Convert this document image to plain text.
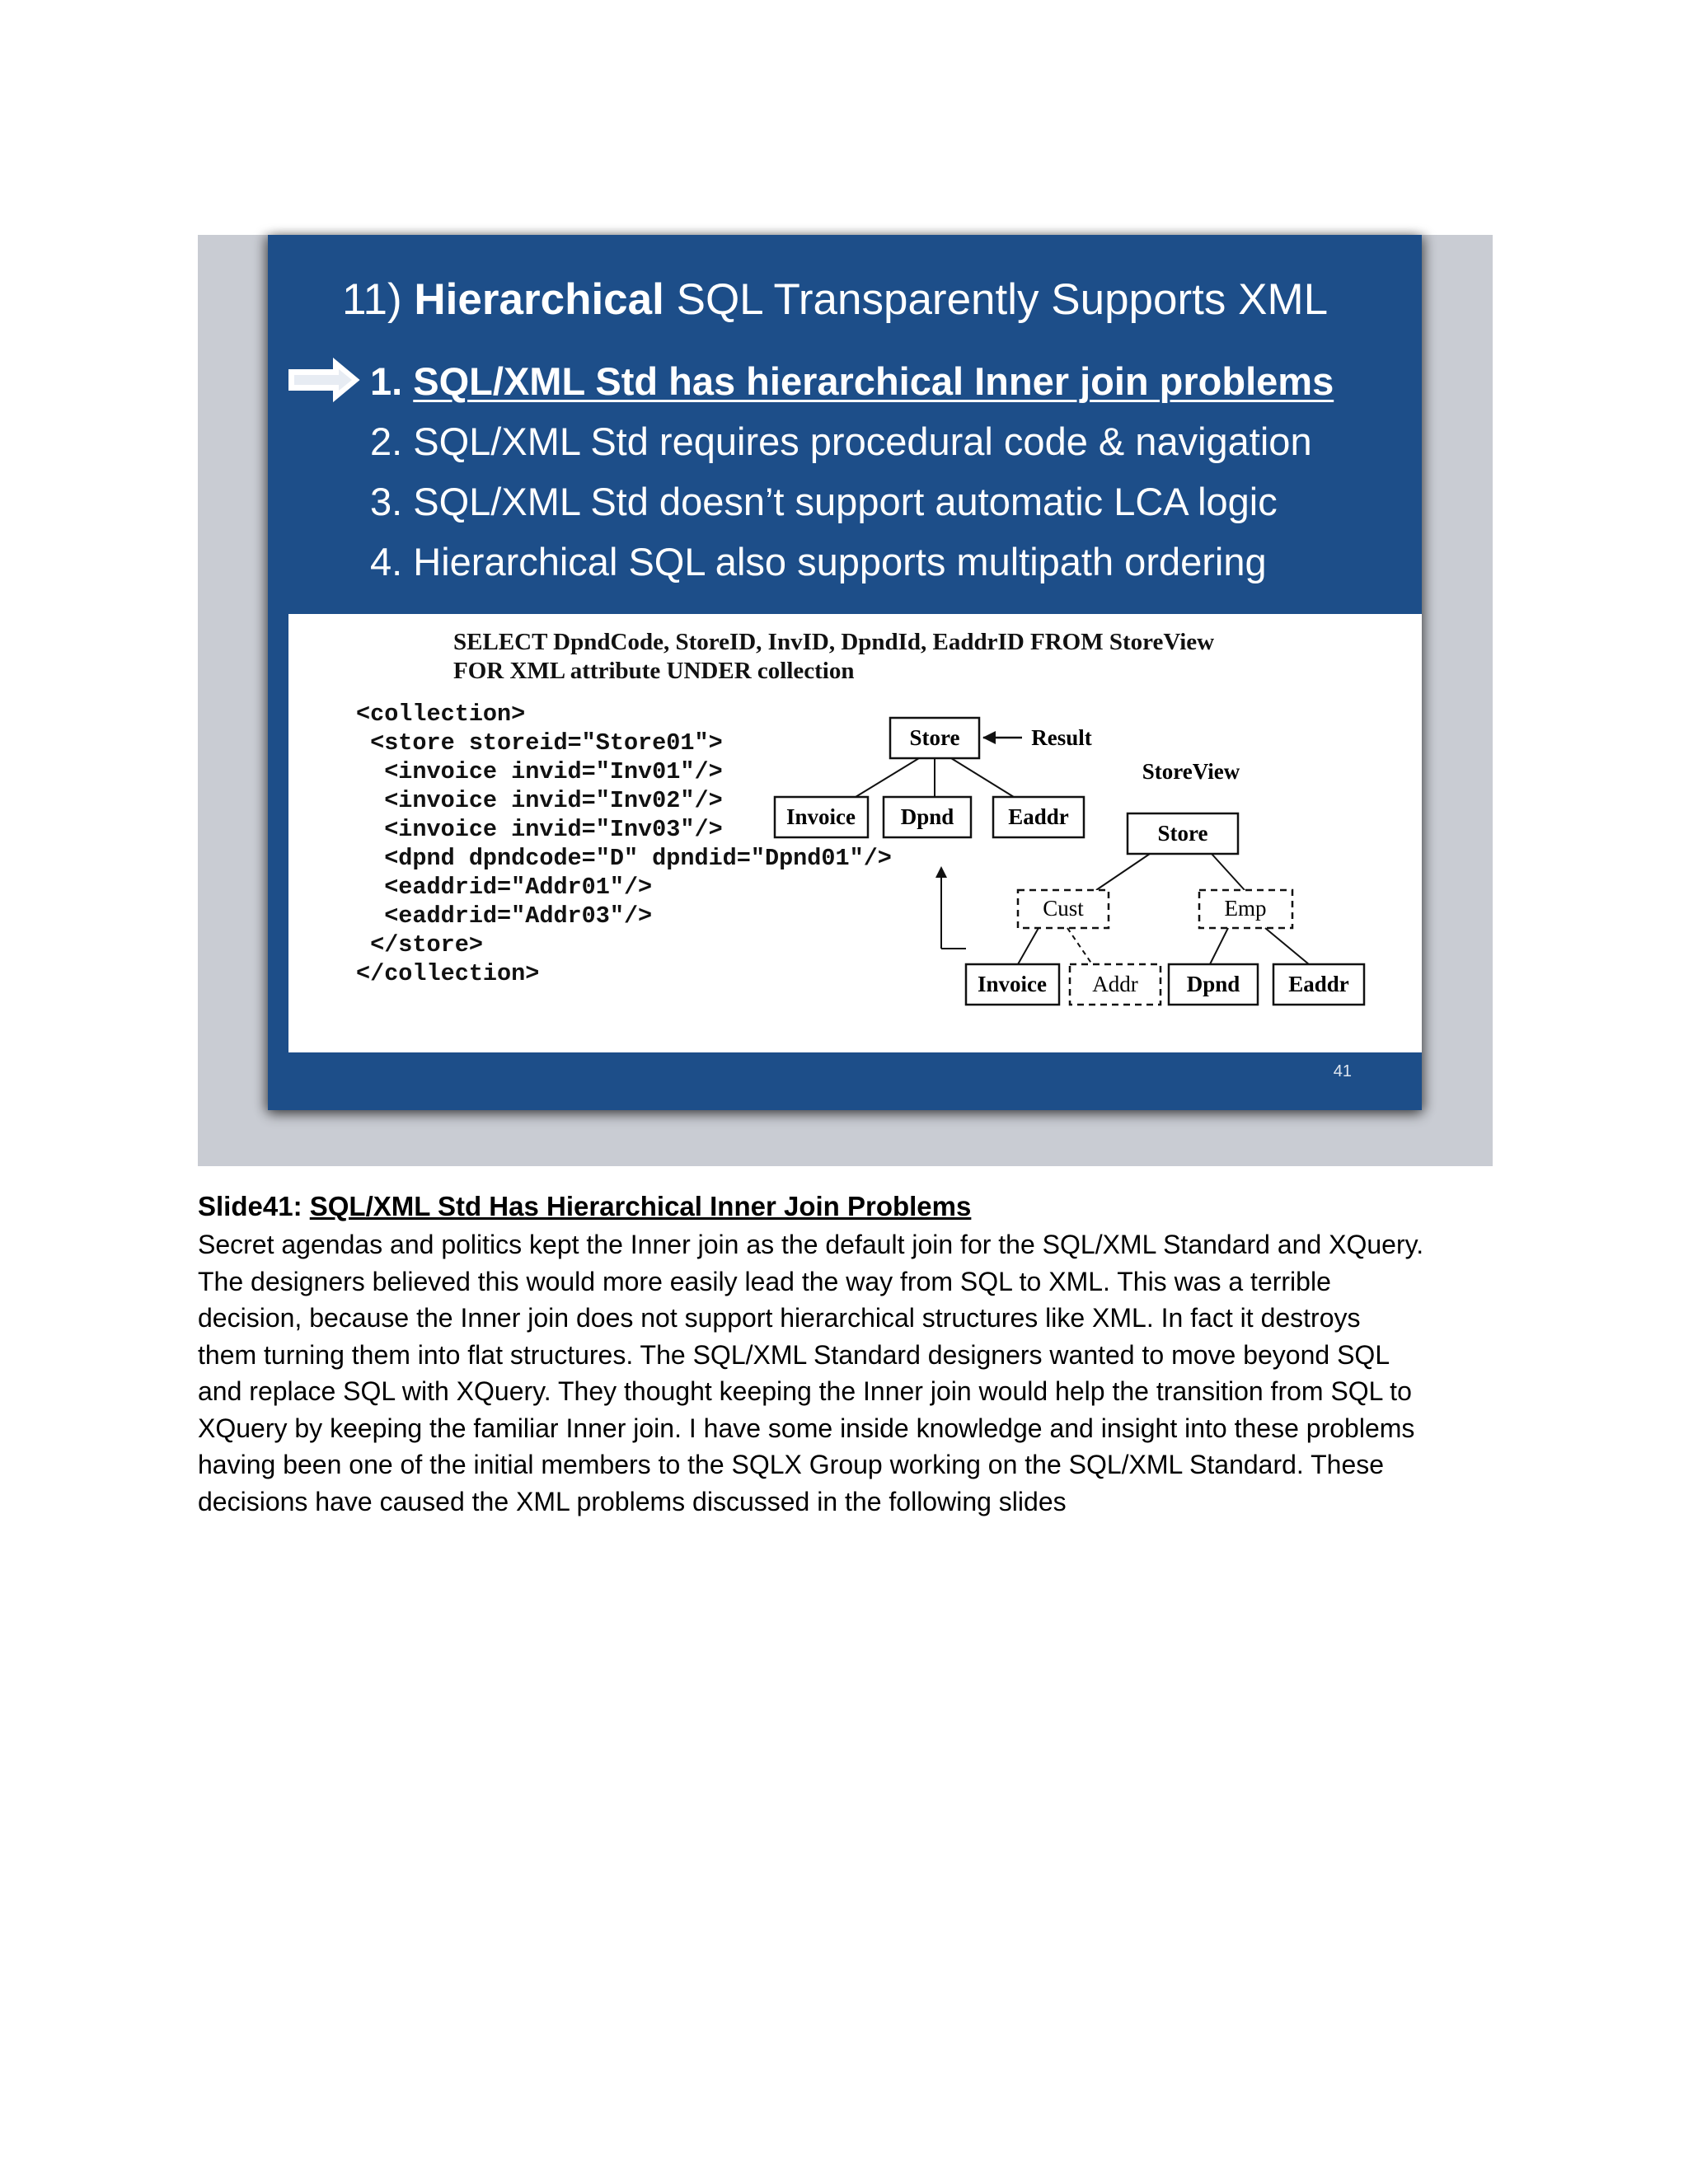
11) Hierarchical SQL Transparently Supports XML
1. SQL/XML Std has hierarchical Inner join problems
2. SQL/XML Std requires procedural code & navigation
3. SQL/XML Std doesn’t support automatic LCA logic
4. Hierarchical SQL also supports multipath ordering

SELECT DpndCode, StoreID, InvID, DpndId, EaddrID FROM StoreView

FOR XML attribute UNDER collection

<collection>

<store storeid="Store01">

<invoice invid="Inv01"/>

<invoice invid="Inv02"/>

<invoice invid="Inv03"/>

<dpnd dpndcode="D" dpndid="Dpnd01"/>

<eaddrid="Addr01"/>

<eaddrid="Addr03"/>

</store>

</collection>

Store	Result
Invoice Dpnd Eaddr
StoreView
Store
Cust	Emp
Invoice Addr Dpnd Eaddr
41
Slide41: SQL/XML Std Has Hierarchical Inner Join Problems

Secret agendas and politics kept the Inner join as the default join for the SQL/XML Standard and XQuery.
The designers believed this would more easily lead the way from SQL to XML. This was a terrible
decision, because the Inner join does not support hierarchical structures like XML. In fact it destroys
them turning them into flat structures. The SQL/XML Standard designers wanted to move beyond SQL
and replace SQL with XQuery. They thought keeping the Inner join would help the transition from SQL to
XQuery by keeping the familiar Inner join. I have some inside knowledge and insight into these problems
having been one of the initial members to the SQLX Group working on the SQL/XML Standard. These
decisions have caused the XML problems discussed in the following slides
